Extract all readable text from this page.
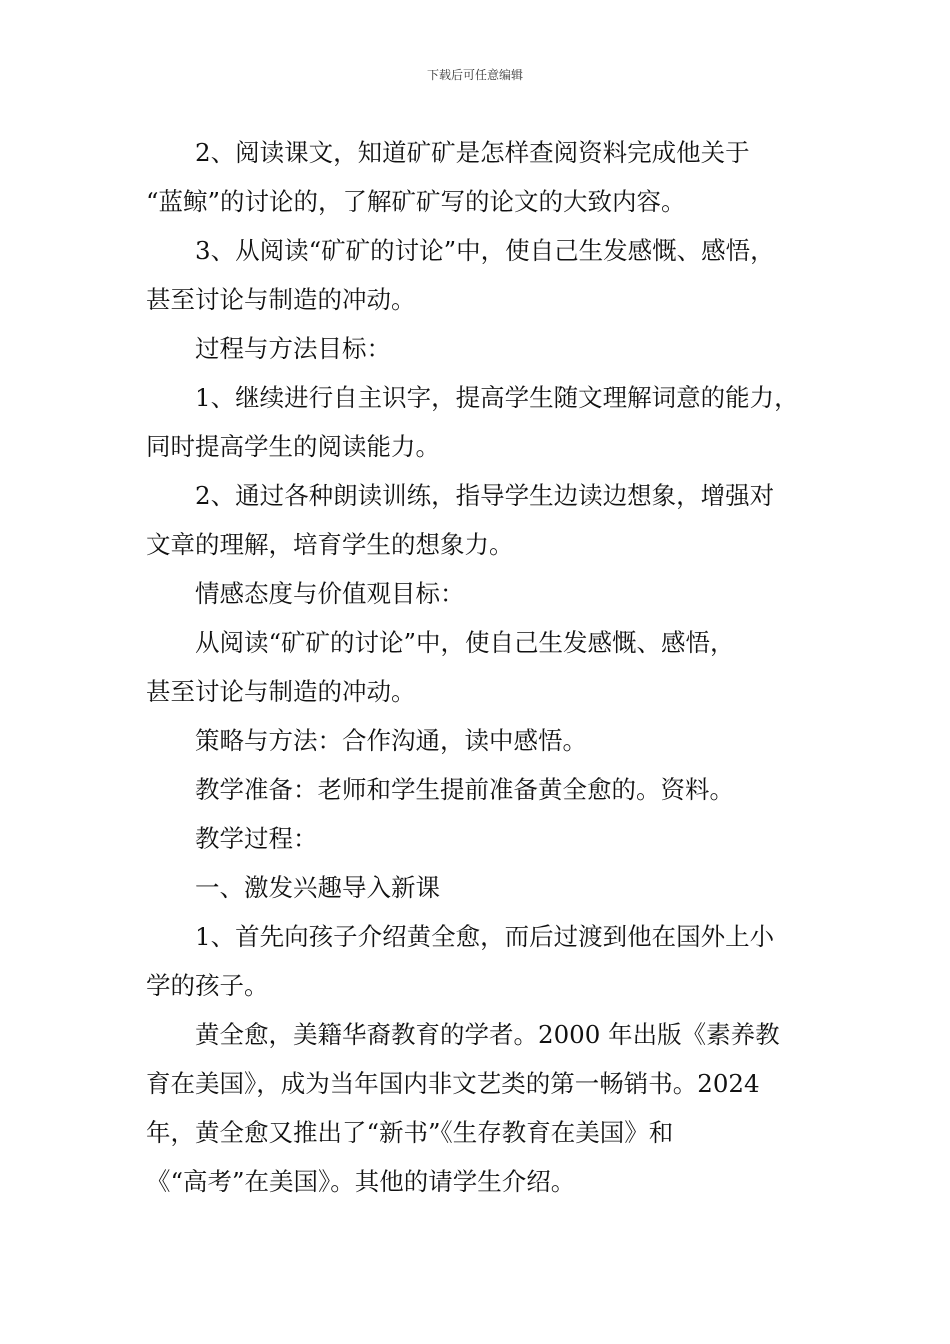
下载后可任意编辑
2、阅读课文，知道矿矿是怎样查阅资料完成他关于
“蓝鲸”的讨论的，了解矿矿写的论文的大致内容。
3、从阅读“矿矿的讨论”中，使自己生发感慨、感悟，
甚至讨论与制造的冲动。
过程与方法目标：
1、继续进行自主识字，提高学生随文理解词意的能力，
同时提高学生的阅读能力。
2、通过各种朗读训练，指导学生边读边想象，增强对
文章的理解，培育学生的想象力。
情感态度与价值观目标：
从阅读“矿矿的讨论”中，使自己生发感慨、感悟，
甚至讨论与制造的冲动。
策略与方法：合作沟通，读中感悟。
教学准备：老师和学生提前准备黄全愈的。资料。
教学过程：
一、激发兴趣导入新课
1、首先向孩子介绍黄全愈，而后过渡到他在国外上小
学的孩子。
黄全愈，美籍华裔教育的学者。2000 年出版《素养教
育在美国》，成为当年国内非文艺类的第一畅销书。2024
年，黄全愈又推出了“新书”《生存教育在美国》和
《“高考”在美国》。其他的请学生介绍。
